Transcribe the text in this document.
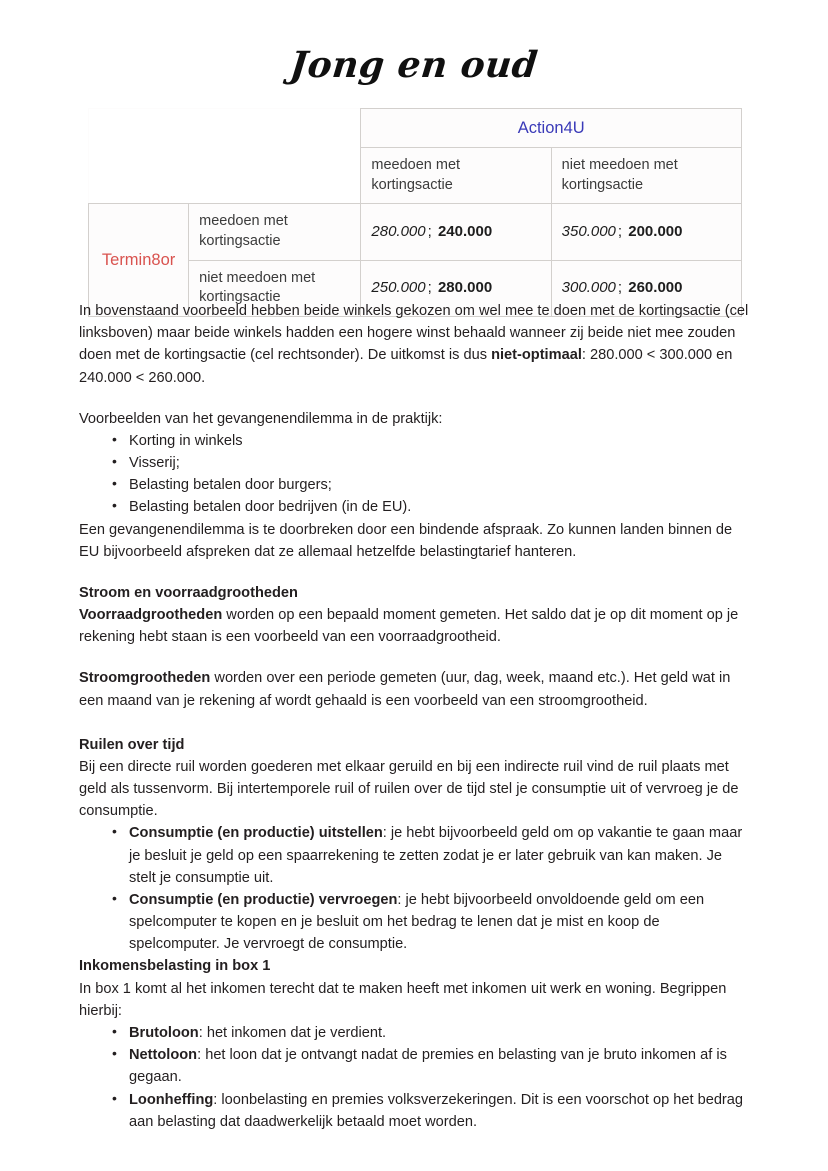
Jong en oud
		Action4U	
		meedoen met kortingsactie	niet meedoen met kortingsactie
Termin8or	meedoen met kortingsactie	280.000 ; 240.000	350.000 ; 200.000
	niet meedoen met kortingsactie	250.000 ; 280.000	300.000 ; 260.000

In bovenstaand voorbeeld hebben beide winkels gekozen om wel mee te doen met de kortingsactie (cel linksboven) maar beide winkels hadden een hogere winst behaald wanneer zij beide niet mee zouden doen met de kortingsactie (cel rechtsonder). De uitkomst is dus niet-optimaal: 280.000 < 300.000 en 240.000 < 260.000.

Voorbeelden van het gevangenendilemma in de praktijk:

• Korting in winkels
• Visserij;
• Belasting betalen door burgers;
• Belasting betalen door bedrijven (in de EU).

Een gevangenendilemma is te doorbreken door een bindende afspraak. Zo kunnen landen binnen de EU bijvoorbeeld afspreken dat ze allemaal hetzelfde belastingtarief hanteren.

Stroom en voorraadgrootheden

Voorraadgrootheden worden op een bepaald moment gemeten. Het saldo dat je op dit moment op je rekening hebt staan is een voorbeeld van een voorraadgrootheid.

Stroomgrootheden worden over een periode gemeten (uur, dag, week, maand etc.). Het geld wat in een maand van je rekening af wordt gehaald is een voorbeeld van een stroomgrootheid.

Ruilen over tijd

Bij een directe ruil worden goederen met elkaar geruild en bij een indirecte ruil vind de ruil plaats met geld als tussenvorm. Bij intertemporele ruil of ruilen over de tijd stel je consumptie uit of vervroeg je de consumptie.

• Consumptie (en productie) uitstellen: je hebt bijvoorbeeld geld om op vakantie te gaan maar je besluit je geld op een spaarrekening te zetten zodat je er later gebruik van kan maken. Je stelt je consumptie uit.
• Consumptie (en productie) vervroegen: je hebt bijvoorbeeld onvoldoende geld om een spelcomputer te kopen en je besluit om het bedrag te lenen dat je mist en koop de spelcomputer. Je vervroegt de consumptie.

Inkomensbelasting in box 1

In box 1 komt al het inkomen terecht dat te maken heeft met inkomen uit werk en woning. Begrippen hierbij:

• Brutoloon: het inkomen dat je verdient.
• Nettoloon: het loon dat je ontvangt nadat de premies en belasting van je bruto inkomen af is gegaan.
• Loonheffing: loonbelasting en premies volksverzekeringen. Dit is een voorschot op het bedrag aan belasting dat daadwerkelijk betaald moet worden.
